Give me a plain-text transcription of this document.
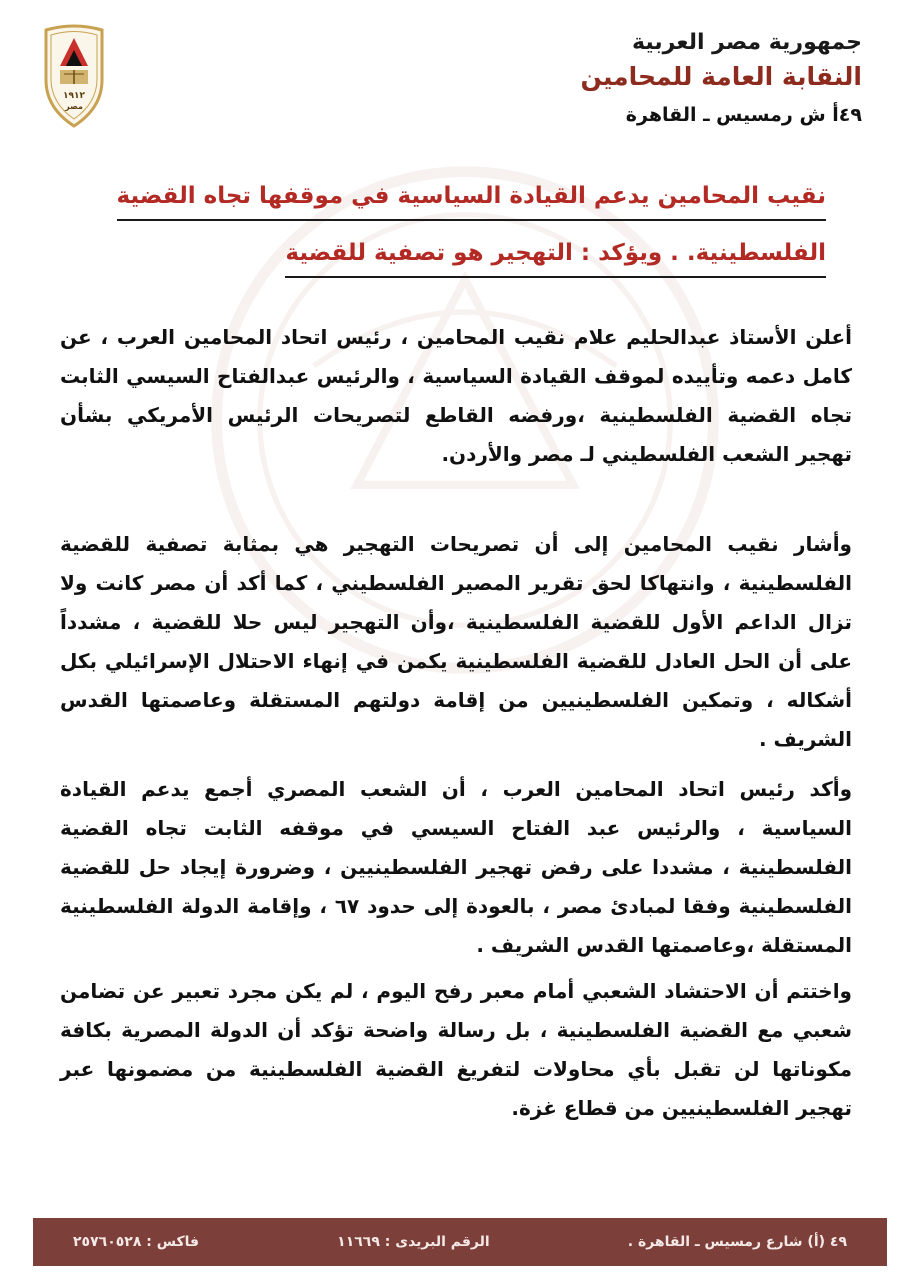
١٩١٢
مصر
جمهورية مصر العربية
النقابة العامة للمحامين
٤٩أ ش رمسيس ـ القاهرة
نقيب المحامين يدعم القيادة السياسية في موقفها تجاه القضية
الفلسطينية. . ويؤكد : التهجير هو تصفية للقضية
أعلن الأستاذ عبدالحليم علام نقيب المحامين ، رئيس اتحاد المحامين العرب ، عن كامل دعمه وتأييده لموقف القيادة السياسية ، والرئيس عبدالفتاح السيسي الثابت تجاه القضية الفلسطينية ،ورفضه القاطع لتصريحات الرئيس الأمريكي بشأن تهجير الشعب الفلسطيني لـ مصر والأردن.
وأشار نقيب المحامين إلى أن تصريحات التهجير هي بمثابة تصفية للقضية الفلسطينية ، وانتهاكا لحق تقرير المصير الفلسطيني ، كما أكد أن مصر كانت ولا تزال الداعم الأول للقضية الفلسطينية ،وأن التهجير ليس حلا للقضية ، مشدداً على أن الحل العادل للقضية الفلسطينية يكمن في إنهاء الاحتلال الإسرائيلي بكل أشكاله ، وتمكين الفلسطينيين من إقامة دولتهم المستقلة وعاصمتها القدس الشريف .
وأكد رئيس اتحاد المحامين العرب ، أن الشعب المصري أجمع يدعم القيادة السياسية ، والرئيس عبد الفتاح السيسي في موقفه الثابت تجاه القضية الفلسطينية ، مشددا على رفض تهجير الفلسطينيين ، وضرورة إيجاد حل للقضية الفلسطينية وفقا لمبادئ مصر ، بالعودة إلى حدود ٦٧ ، وإقامة الدولة الفلسطينية المستقلة ،وعاصمتها القدس الشريف .
واختتم أن الاحتشاد الشعبي أمام معبر رفح اليوم ، لم يكن مجرد تعبير عن تضامن شعبي مع القضية الفلسطينية ، بل رسالة واضحة تؤكد أن الدولة المصرية بكافة مكوناتها لن تقبل بأي محاولات لتفريغ القضية الفلسطينية من مضمونها عبر تهجير الفلسطينيين من قطاع غزة.
٤٩ (أ) شارع رمسيس ـ القاهرة .
الرقم البريدى : ١١٦٦٩
فاكس : ٢٥٧٦٠٥٢٨
